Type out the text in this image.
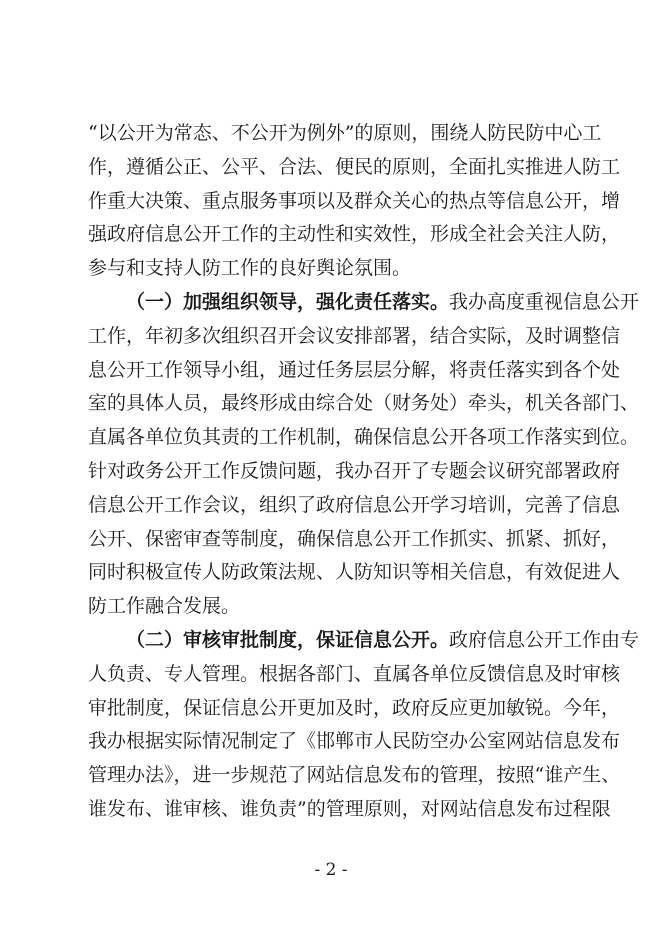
“以公开为常态、不公开为例外”的原则，围绕人防民防中心工
作，遵循公正、公平、合法、便民的原则，全面扎实推进人防工
作重大决策、重点服务事项以及群众关心的热点等信息公开，增
强政府信息公开工作的主动性和实效性，形成全社会关注人防，
参与和支持人防工作的良好舆论氛围。
（一）加强组织领导，强化责任落实。我办高度重视信息公开
工作，年初多次组织召开会议安排部署，结合实际，及时调整信
息公开工作领导小组，通过任务层层分解，将责任落实到各个处
室的具体人员，最终形成由综合处（财务处）牵头，机关各部门、
直属各单位负其责的工作机制，确保信息公开各项工作落实到位。
针对政务公开工作反馈问题，我办召开了专题会议研究部署政府
信息公开工作会议，组织了政府信息公开学习培训，完善了信息
公开、保密审查等制度，确保信息公开工作抓实、抓紧、抓好，
同时积极宣传人防政策法规、人防知识等相关信息，有效促进人
防工作融合发展。
（二）审核审批制度，保证信息公开。政府信息公开工作由专
人负责、专人管理。根据各部门、直属各单位反馈信息及时审核
审批制度，保证信息公开更加及时，政府反应更加敏锐。今年，
我办根据实际情况制定了《邯郸市人民防空办公室网站信息发布
管理办法》，进一步规范了网站信息发布的管理，按照“谁产生、
谁发布、谁审核、谁负责”的管理原则，对网站信息发布过程限
- 2 -
